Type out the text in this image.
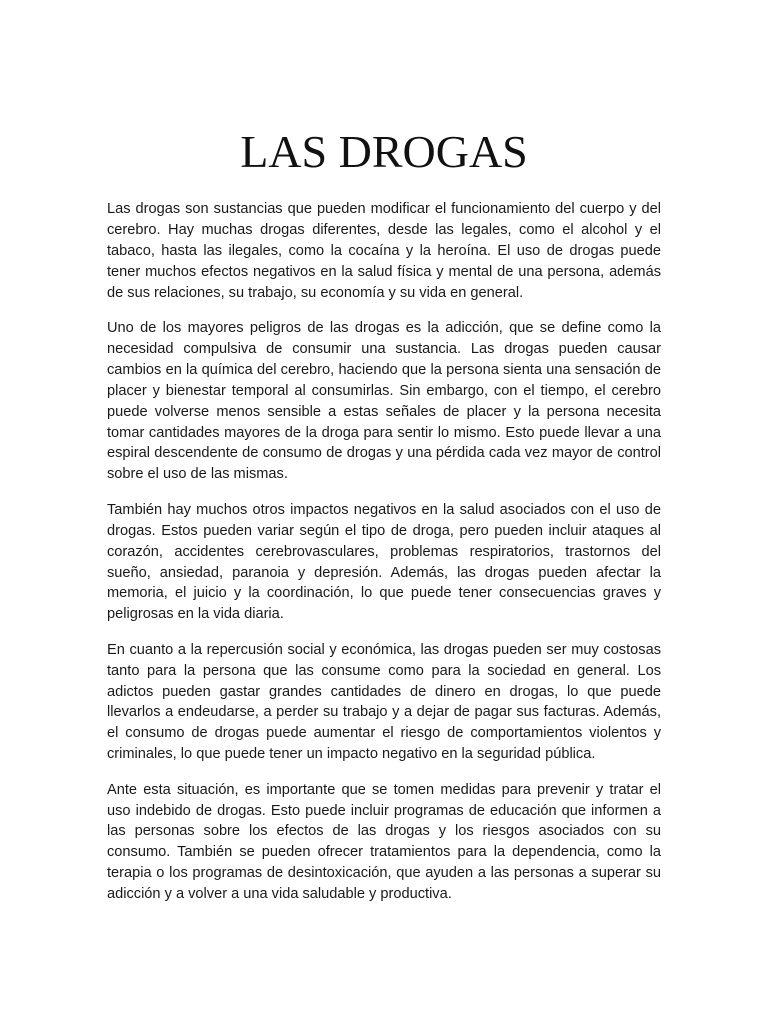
LAS DROGAS

Las drogas son sustancias que pueden modificar el funcionamiento del cuerpo y del cerebro. Hay muchas drogas diferentes, desde las legales, como el alcohol y el tabaco, hasta las ilegales, como la cocaína y la heroína. El uso de drogas puede tener muchos efectos negativos en la salud física y mental de una persona, además de sus relaciones, su trabajo, su economía y su vida en general.

Uno de los mayores peligros de las drogas es la adicción, que se define como la necesidad compulsiva de consumir una sustancia. Las drogas pueden causar cambios en la química del cerebro, haciendo que la persona sienta una sensación de placer y bienestar temporal al consumirlas. Sin embargo, con el tiempo, el cerebro puede volverse menos sensible a estas señales de placer y la persona necesita tomar cantidades mayores de la droga para sentir lo mismo. Esto puede llevar a una espiral descendente de consumo de drogas y una pérdida cada vez mayor de control sobre el uso de las mismas.

También hay muchos otros impactos negativos en la salud asociados con el uso de drogas. Estos pueden variar según el tipo de droga, pero pueden incluir ataques al corazón, accidentes cerebrovasculares, problemas respiratorios, trastornos del sueño, ansiedad, paranoia y depresión. Además, las drogas pueden afectar la memoria, el juicio y la coordinación, lo que puede tener consecuencias graves y peligrosas en la vida diaria.

En cuanto a la repercusión social y económica, las drogas pueden ser muy costosas tanto para la persona que las consume como para la sociedad en general. Los adictos pueden gastar grandes cantidades de dinero en drogas, lo que puede llevarlos a endeudarse, a perder su trabajo y a dejar de pagar sus facturas. Además, el consumo de drogas puede aumentar el riesgo de comportamientos violentos y criminales, lo que puede tener un impacto negativo en la seguridad pública.

Ante esta situación, es importante que se tomen medidas para prevenir y tratar el uso indebido de drogas. Esto puede incluir programas de educación que informen a las personas sobre los efectos de las drogas y los riesgos asociados con su consumo. También se pueden ofrecer tratamientos para la dependencia, como la terapia o los programas de desintoxicación, que ayuden a las personas a superar su adicción y a volver a una vida saludable y productiva.
